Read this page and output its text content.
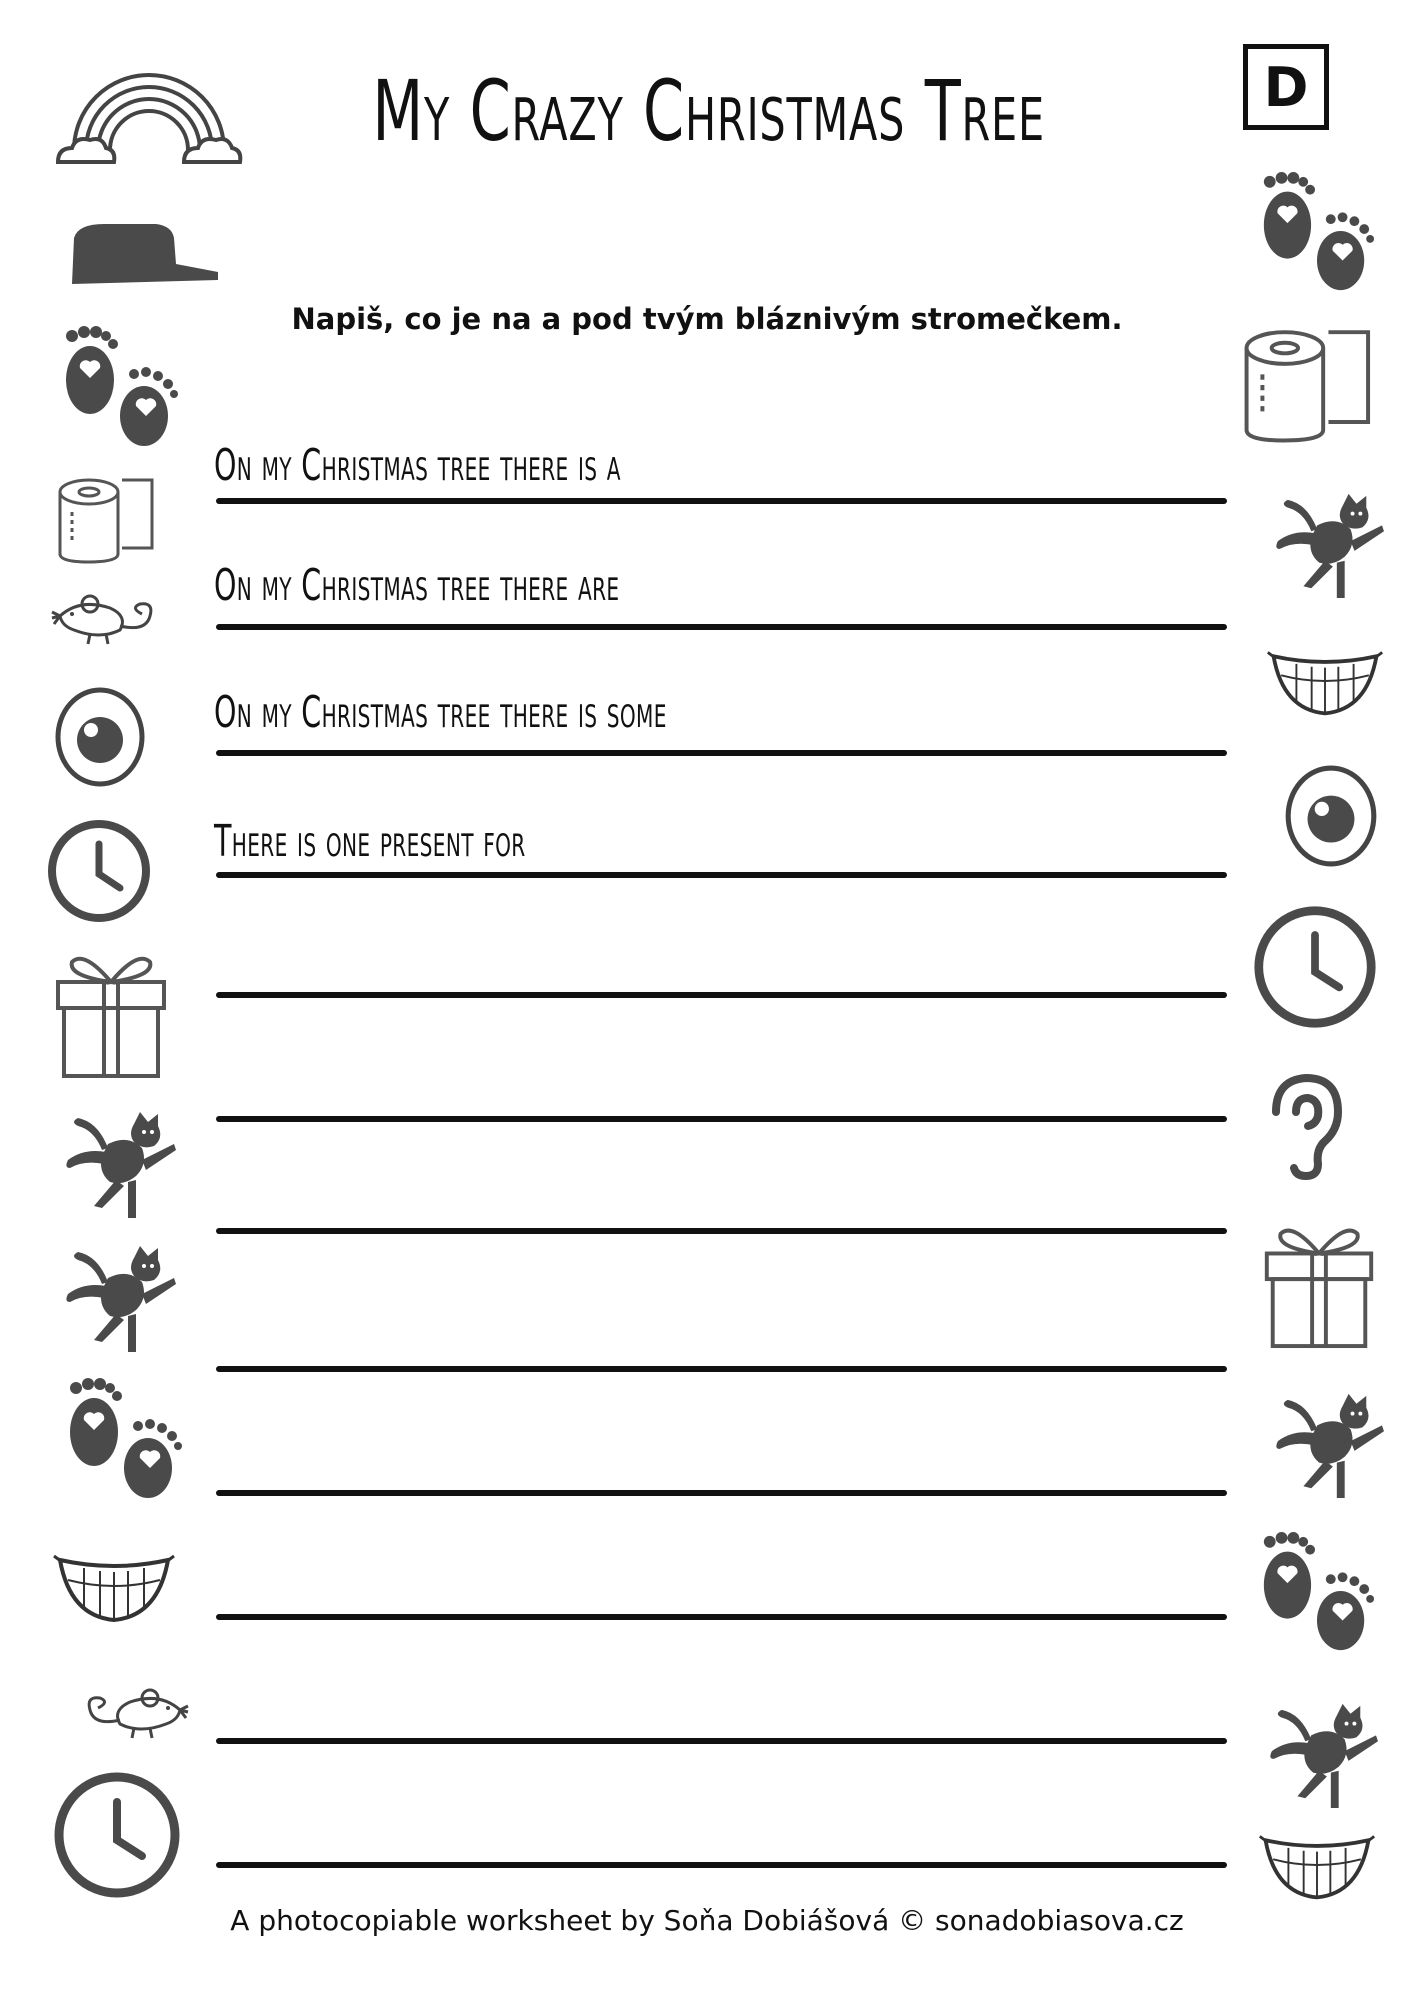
My Crazy Christmas Tree	D
Napiš, co je na a pod tvým bláznivým stromečkem.
On my Christmas tree there is a
On my Christmas tree there are
On my Christmas tree there is some
There is one present for
A photocopiable worksheet by Soňa Dobiášová © sonadobiasova.cz
